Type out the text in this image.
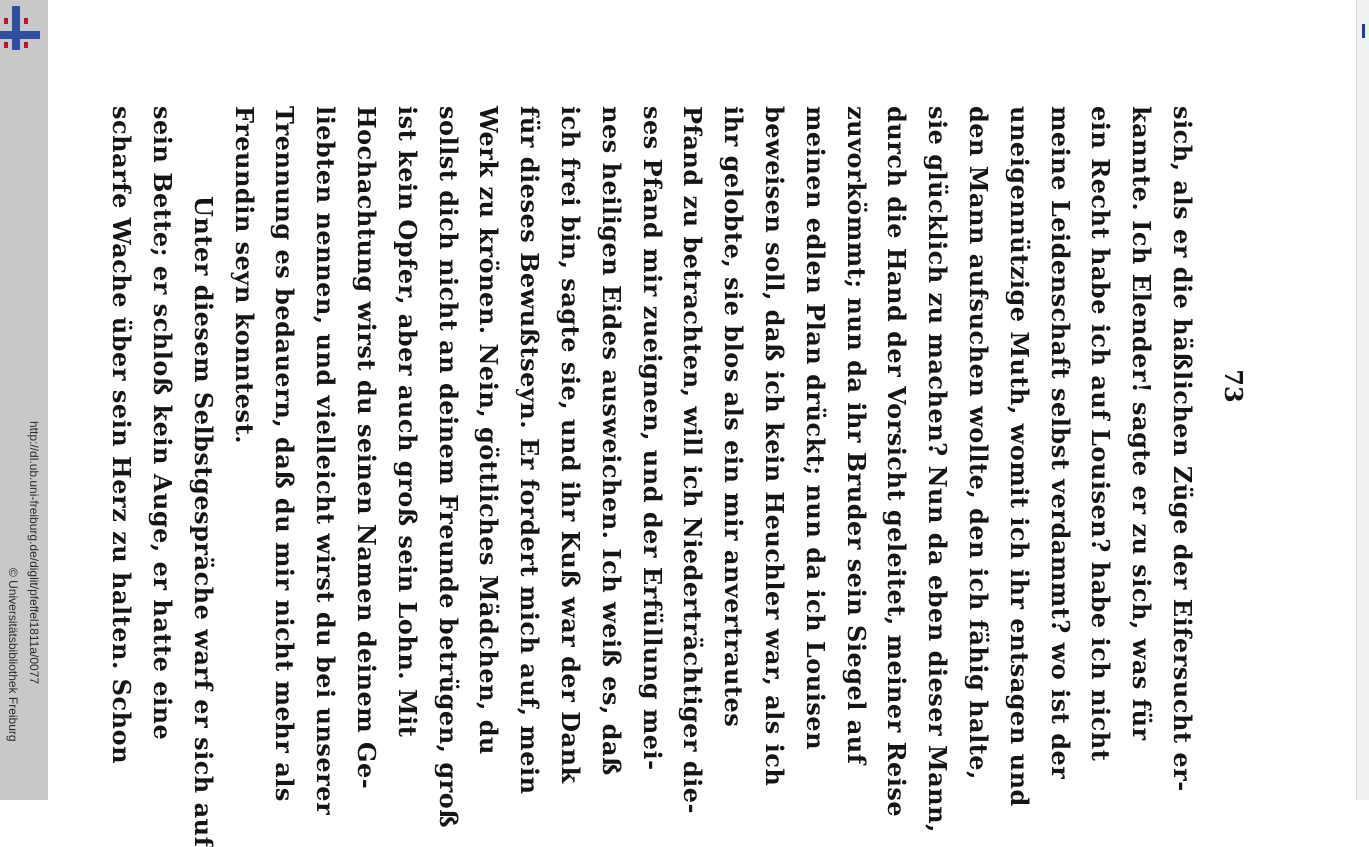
http://dl.ub.uni-freiburg.de/diglit/pfeffel1811a/0077
© Universitätsbibliothek Freiburg
73
sich, als er die häßlichen Züge der Eifersucht er-
kannte. Ich Elender! sagte er zu sich, was für
ein Recht habe ich auf Louisen? habe ich nicht
meine Leidenschaft selbst verdammt? wo ist der
uneigennützige Muth, womit ich ihr entsagen und
den Mann aufsuchen wollte, den ich fähig halte,
sie glücklich zu machen? Nun da eben dieser Mann,
durch die Hand der Vorsicht geleitet, meiner Reise
zuvorkömmt; nun da ihr Bruder sein Siegel auf
meinen edlen Plan drückt; nun da ich Louisen
beweisen soll, daß ich kein Heuchler war, als ich
ihr gelobte, sie blos als ein mir anvertrautes
Pfand zu betrachten, will ich Niederträchtiger die-
ses Pfand mir zueignen, und der Erfüllung mei-
nes heiligen Eides ausweichen. Ich weiß es, daß
ich frei bin, sagte sie, und ihr Kuß war der Dank
für dieses Bewußtseyn. Er fordert mich auf, mein
Werk zu krönen. Nein, göttliches Mädchen, du
sollst dich nicht an deinem Freunde betrügen, groß
ist kein Opfer, aber auch groß sein Lohn. Mit
Hochachtung wirst du seinen Namen deinem Ge-
liebten nennen, und vielleicht wirst du bei unserer
Trennung es bedauern, daß du mir nicht mehr als
Freundin seyn konntest.
Unter diesem Selbstgespräche warf er sich auf
sein Bette; er schloß kein Auge, er hatte eine
scharfe Wache über sein Herz zu halten. Schon
